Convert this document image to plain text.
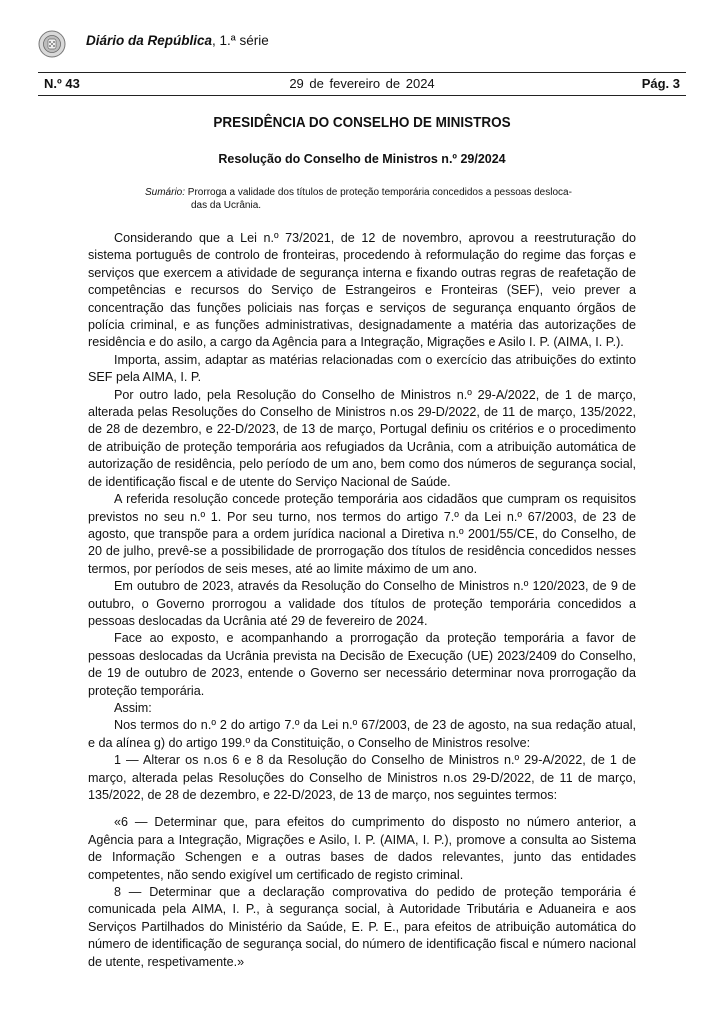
Diário da República, 1.ª série
N.º 43	29 de fevereiro de 2024	Pág. 3
PRESIDÊNCIA DO CONSELHO DE MINISTROS
Resolução do Conselho de Ministros n.º 29/2024
Sumário: Prorroga a validade dos títulos de proteção temporária concedidos a pessoas desloca-das da Ucrânia.

Considerando que a Lei n.º 73/2021, de 12 de novembro, aprovou a reestruturação do sistema português de controlo de fronteiras, procedendo à reformulação do regime das forças e serviços que exercem a atividade de segurança interna e fixando outras regras de reafetação de competências e recursos do Serviço de Estrangeiros e Fronteiras (SEF), veio prever a concentração das funções policiais nas forças e serviços de segurança enquanto órgãos de polícia criminal, e as funções administrativas, designadamente a matéria das autorizações de residência e do asilo, a cargo da Agência para a Integração, Migrações e Asilo I. P. (AIMA, I. P.).

Importa, assim, adaptar as matérias relacionadas com o exercício das atribuições do extinto SEF pela AIMA, I. P.

Por outro lado, pela Resolução do Conselho de Ministros n.º 29-A/2022, de 1 de março, alterada pelas Resoluções do Conselho de Ministros n.os 29-D/2022, de 11 de março, 135/2022, de 28 de dezembro, e 22-D/2023, de 13 de março, Portugal definiu os critérios e o procedimento de atribuição de proteção temporária aos refugiados da Ucrânia, com a atribuição automática de autorização de residência, pelo período de um ano, bem como dos números de segurança social, de identificação fiscal e de utente do Serviço Nacional de Saúde.

A referida resolução concede proteção temporária aos cidadãos que cumpram os requisitos previstos no seu n.º 1. Por seu turno, nos termos do artigo 7.º da Lei n.º 67/2003, de 23 de agosto, que transpõe para a ordem jurídica nacional a Diretiva n.º 2001/55/CE, do Conselho, de 20 de julho, prevê-se a possibilidade de prorrogação dos títulos de residência concedidos nesses termos, por períodos de seis meses, até ao limite máximo de um ano.

Em outubro de 2023, através da Resolução do Conselho de Ministros n.º 120/2023, de 9 de outubro, o Governo prorrogou a validade dos títulos de proteção temporária concedidos a pessoas deslocadas da Ucrânia até 29 de fevereiro de 2024.

Face ao exposto, e acompanhando a prorrogação da proteção temporária a favor de pessoas deslocadas da Ucrânia prevista na Decisão de Execução (UE) 2023/2409 do Conselho, de 19 de outubro de 2023, entende o Governo ser necessário determinar nova prorrogação da proteção temporária.

Assim:

Nos termos do n.º 2 do artigo 7.º da Lei n.º 67/2003, de 23 de agosto, na sua redação atual, e da alínea g) do artigo 199.º da Constituição, o Conselho de Ministros resolve:

1 — Alterar os n.os 6 e 8 da Resolução do Conselho de Ministros n.º 29-A/2022, de 1 de março, alterada pelas Resoluções do Conselho de Ministros n.os 29-D/2022, de 11 de março, 135/2022, de 28 de dezembro, e 22-D/2023, de 13 de março, nos seguintes termos:

«6 — Determinar que, para efeitos do cumprimento do disposto no número anterior, a Agência para a Integração, Migrações e Asilo, I. P. (AIMA, I. P.), promove a consulta ao Sistema de Informação Schengen e a outras bases de dados relevantes, junto das entidades competentes, não sendo exigível um certificado de registo criminal.

8 — Determinar que a declaração comprovativa do pedido de proteção temporária é comunicada pela AIMA, I. P., à segurança social, à Autoridade Tributária e Aduaneira e aos Serviços Partilhados do Ministério da Saúde, E. P. E., para efeitos de atribuição automática do número de identificação de segurança social, do número de identificação fiscal e número nacional de utente, respetivamente.»
